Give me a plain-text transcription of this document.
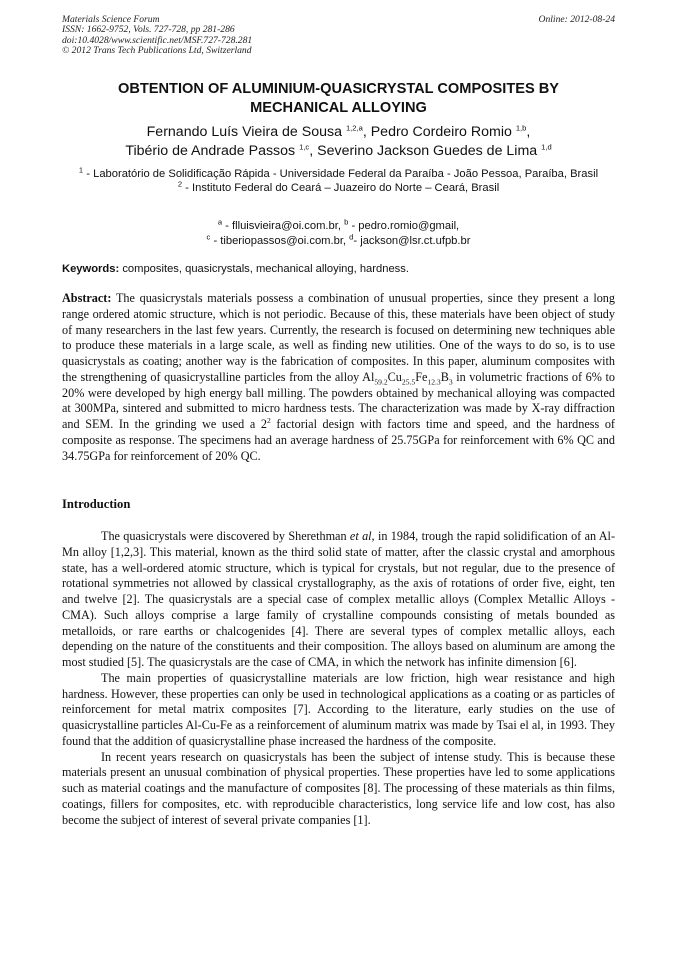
Materials Science Forum
ISSN: 1662-9752, Vols. 727-728, pp 281-286
doi:10.4028/www.scientific.net/MSF.727-728.281
© 2012 Trans Tech Publications Ltd, Switzerland
Online: 2012-08-24
OBTENTION OF ALUMINIUM-QUASICRYSTAL COMPOSITES BY
MECHANICAL ALLOYING
Fernando Luís Vieira de Sousa $^{1,2,a}$, Pedro Cordeiro Romio $^{1,b}$,
Tibério de Andrade Passos $^{1,c}$, Severino Jackson Guedes de Lima $^{1,d}$
$^1$ - Laboratório de Solidificação Rápida - Universidade Federal da Paraíba - João Pessoa, Paraíba, Brasil
$^2$ - Instituto Federal do Ceará – Juazeiro do Norte – Ceará, Brasil
$^a$ - flluisvieira@oi.com.br, $^b$ - pedro.romio@gmail,
$^c$ - tiberiopassos@oi.com.br, $^d$- jackson@lsr.ct.ufpb.br
Keywords: composites, quasicrystals, mechanical alloying, hardness.

Abstract: The quasicrystals materials possess a combination of unusual properties, since they present a long range ordered atomic structure, which is not periodic. Because of this, these materials have been object of study of many researchers in the last few years. Currently, the research is focused on determining new techniques able to produce these materials in a large scale, as well as finding new utilities. One of the ways to do so, is to use quasicrystals as coating; another way is the fabrication of composites. In this paper, aluminum composites with the strengthening of quasicrystalline particles from the alloy $Al_{59.2}Cu_{25.5}Fe_{12.3}B_3$ in volumetric fractions of 6% to 20% were developed by high energy ball milling. The powders obtained by mechanical alloying was compacted at 300MPa, sintered and submitted to micro hardness tests. The characterization was made by X-ray diffraction and SEM. In the grinding we used a $2^2$ factorial design with factors time and speed, and the hardness of composite as response. The specimens had an average hardness of 25.75GPa for reinforcement with 6% QC and 34.75GPa for reinforcement of 20% QC.

Introduction

The quasicrystals were discovered by Sherethman et al, in 1984, trough the rapid solidification of an Al-Mn alloy [1,2,3]. This material, known as the third solid state of matter, after the classic crystal and amorphous state, has a well-ordered atomic structure, which is typical for crystals, but not regular, due to the presence of rotational symmetries not allowed by classical crystallography, as the axis of rotations of order five, eight, ten and twelve [2]. The quasicrystals are a special case of complex metallic alloys (Complex Metallic Alloys - CMA). Such alloys comprise a large family of crystalline compounds consisting of metals bounded as metalloids, or rare earths or chalcogenides [4]. There are several types of complex metallic alloys, each depending on the nature of the constituents and their composition. The alloys based on aluminum are among the most studied [5]. The quasicrystals are the case of CMA, in which the network has infinite dimension [6].

The main properties of quasicrystalline materials are low friction, high wear resistance and high hardness. However, these properties can only be used in technological applications as a coating or as particles of reinforcement for metal matrix composites [7]. According to the literature, early studies on the use of quasicrystalline particles Al-Cu-Fe as a reinforcement of aluminum matrix was made by Tsai el al, in 1993. They found that the addition of quasicrystalline phase increased the hardness of the composite.

In recent years research on quasicrystals has been the subject of intense study. This is because these materials present an unusual combination of physical properties. These properties have led to some applications such as material coatings and the manufacture of composites [8]. The processing of these materials as thin films, coatings, fillers for composites, etc. with reproducible characteristics, long service life and low cost, has also become the subject of interest of several private companies [1].
